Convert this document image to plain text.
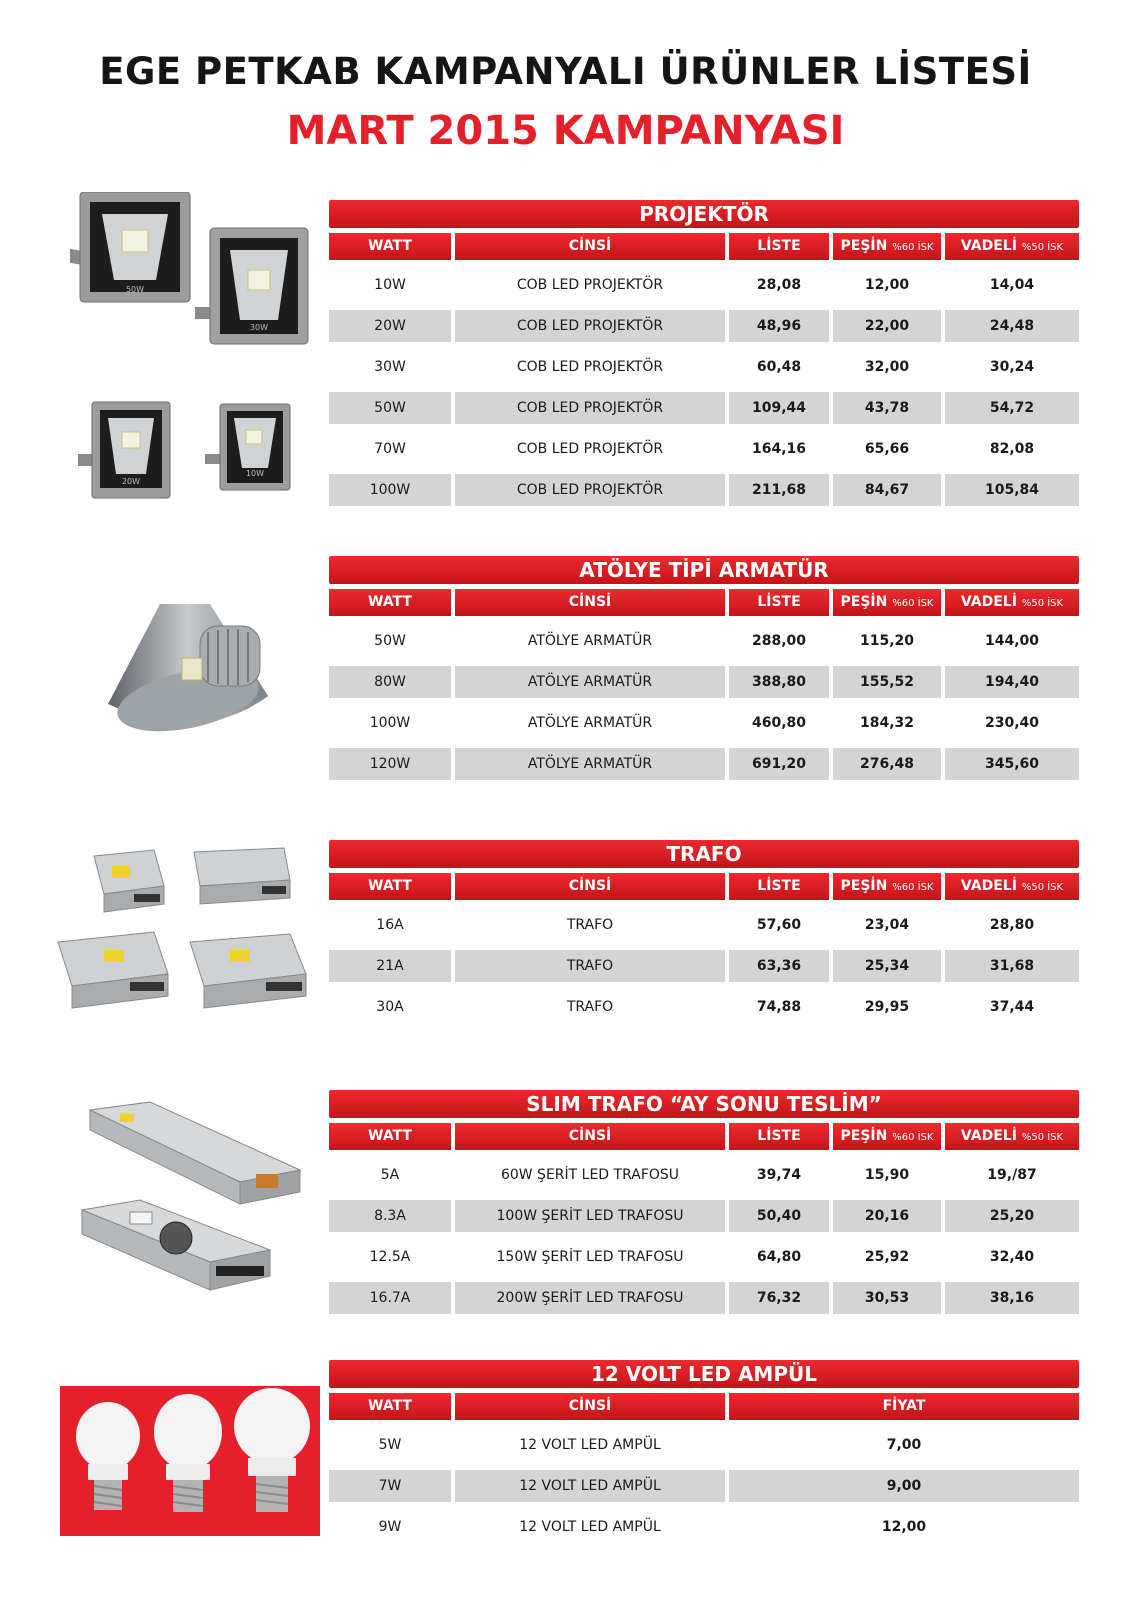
EGE PETKAB KAMPANYALI ÜRÜNLER LİSTESİ
MART 2015 KAMPANYASI
50W
30W
20W
10W
PROJEKTÖR
WATT	CİNSİ	LİSTE	PEŞİN %60 İSK	VADELİ %50 İSK
10W	COB LED PROJEKTÖR	28,08	12,00	14,04
20W	COB LED PROJEKTÖR	48,96	22,00	24,48
30W	COB LED PROJEKTÖR	60,48	32,00	30,24
50W	COB LED PROJEKTÖR	109,44	43,78	54,72
70W	COB LED PROJEKTÖR	164,16	65,66	82,08
100W	COB LED PROJEKTÖR	211,68	84,67	105,84
ATÖLYE TİPİ ARMATÜR
WATT	CİNSİ	LİSTE	PEŞİN %60 İSK	VADELİ %50 İSK
50W	ATÖLYE ARMATÜR	288,00	115,20	144,00
80W	ATÖLYE ARMATÜR	388,80	155,52	194,40
100W	ATÖLYE ARMATÜR	460,80	184,32	230,40
120W	ATÖLYE ARMATÜR	691,20	276,48	345,60
TRAFO
WATT	CİNSİ	LİSTE	PEŞİN %60 İSK	VADELİ %50 İSK
16A	TRAFO	57,60	23,04	28,80
21A	TRAFO	63,36	25,34	31,68
30A	TRAFO	74,88	29,95	37,44
SLIM TRAFO “AY SONU TESLİM”
WATT	CİNSİ	LİSTE	PEŞİN %60 İSK	VADELİ %50 İSK
5A	60W ŞERİT LED TRAFOSU	39,74	15,90	19,/87
8.3A	100W ŞERİT LED TRAFOSU	50,40	20,16	25,20
12.5A	150W ŞERİT LED TRAFOSU	64,80	25,92	32,40
16.7A	200W ŞERİT LED TRAFOSU	76,32	30,53	38,16
12 VOLT LED AMPÜL
WATT	CİNSİ	FİYAT
5W	12 VOLT LED AMPÜL	7,00
7W	12 VOLT LED AMPÜL	9,00
9W	12 VOLT LED AMPÜL	12,00
